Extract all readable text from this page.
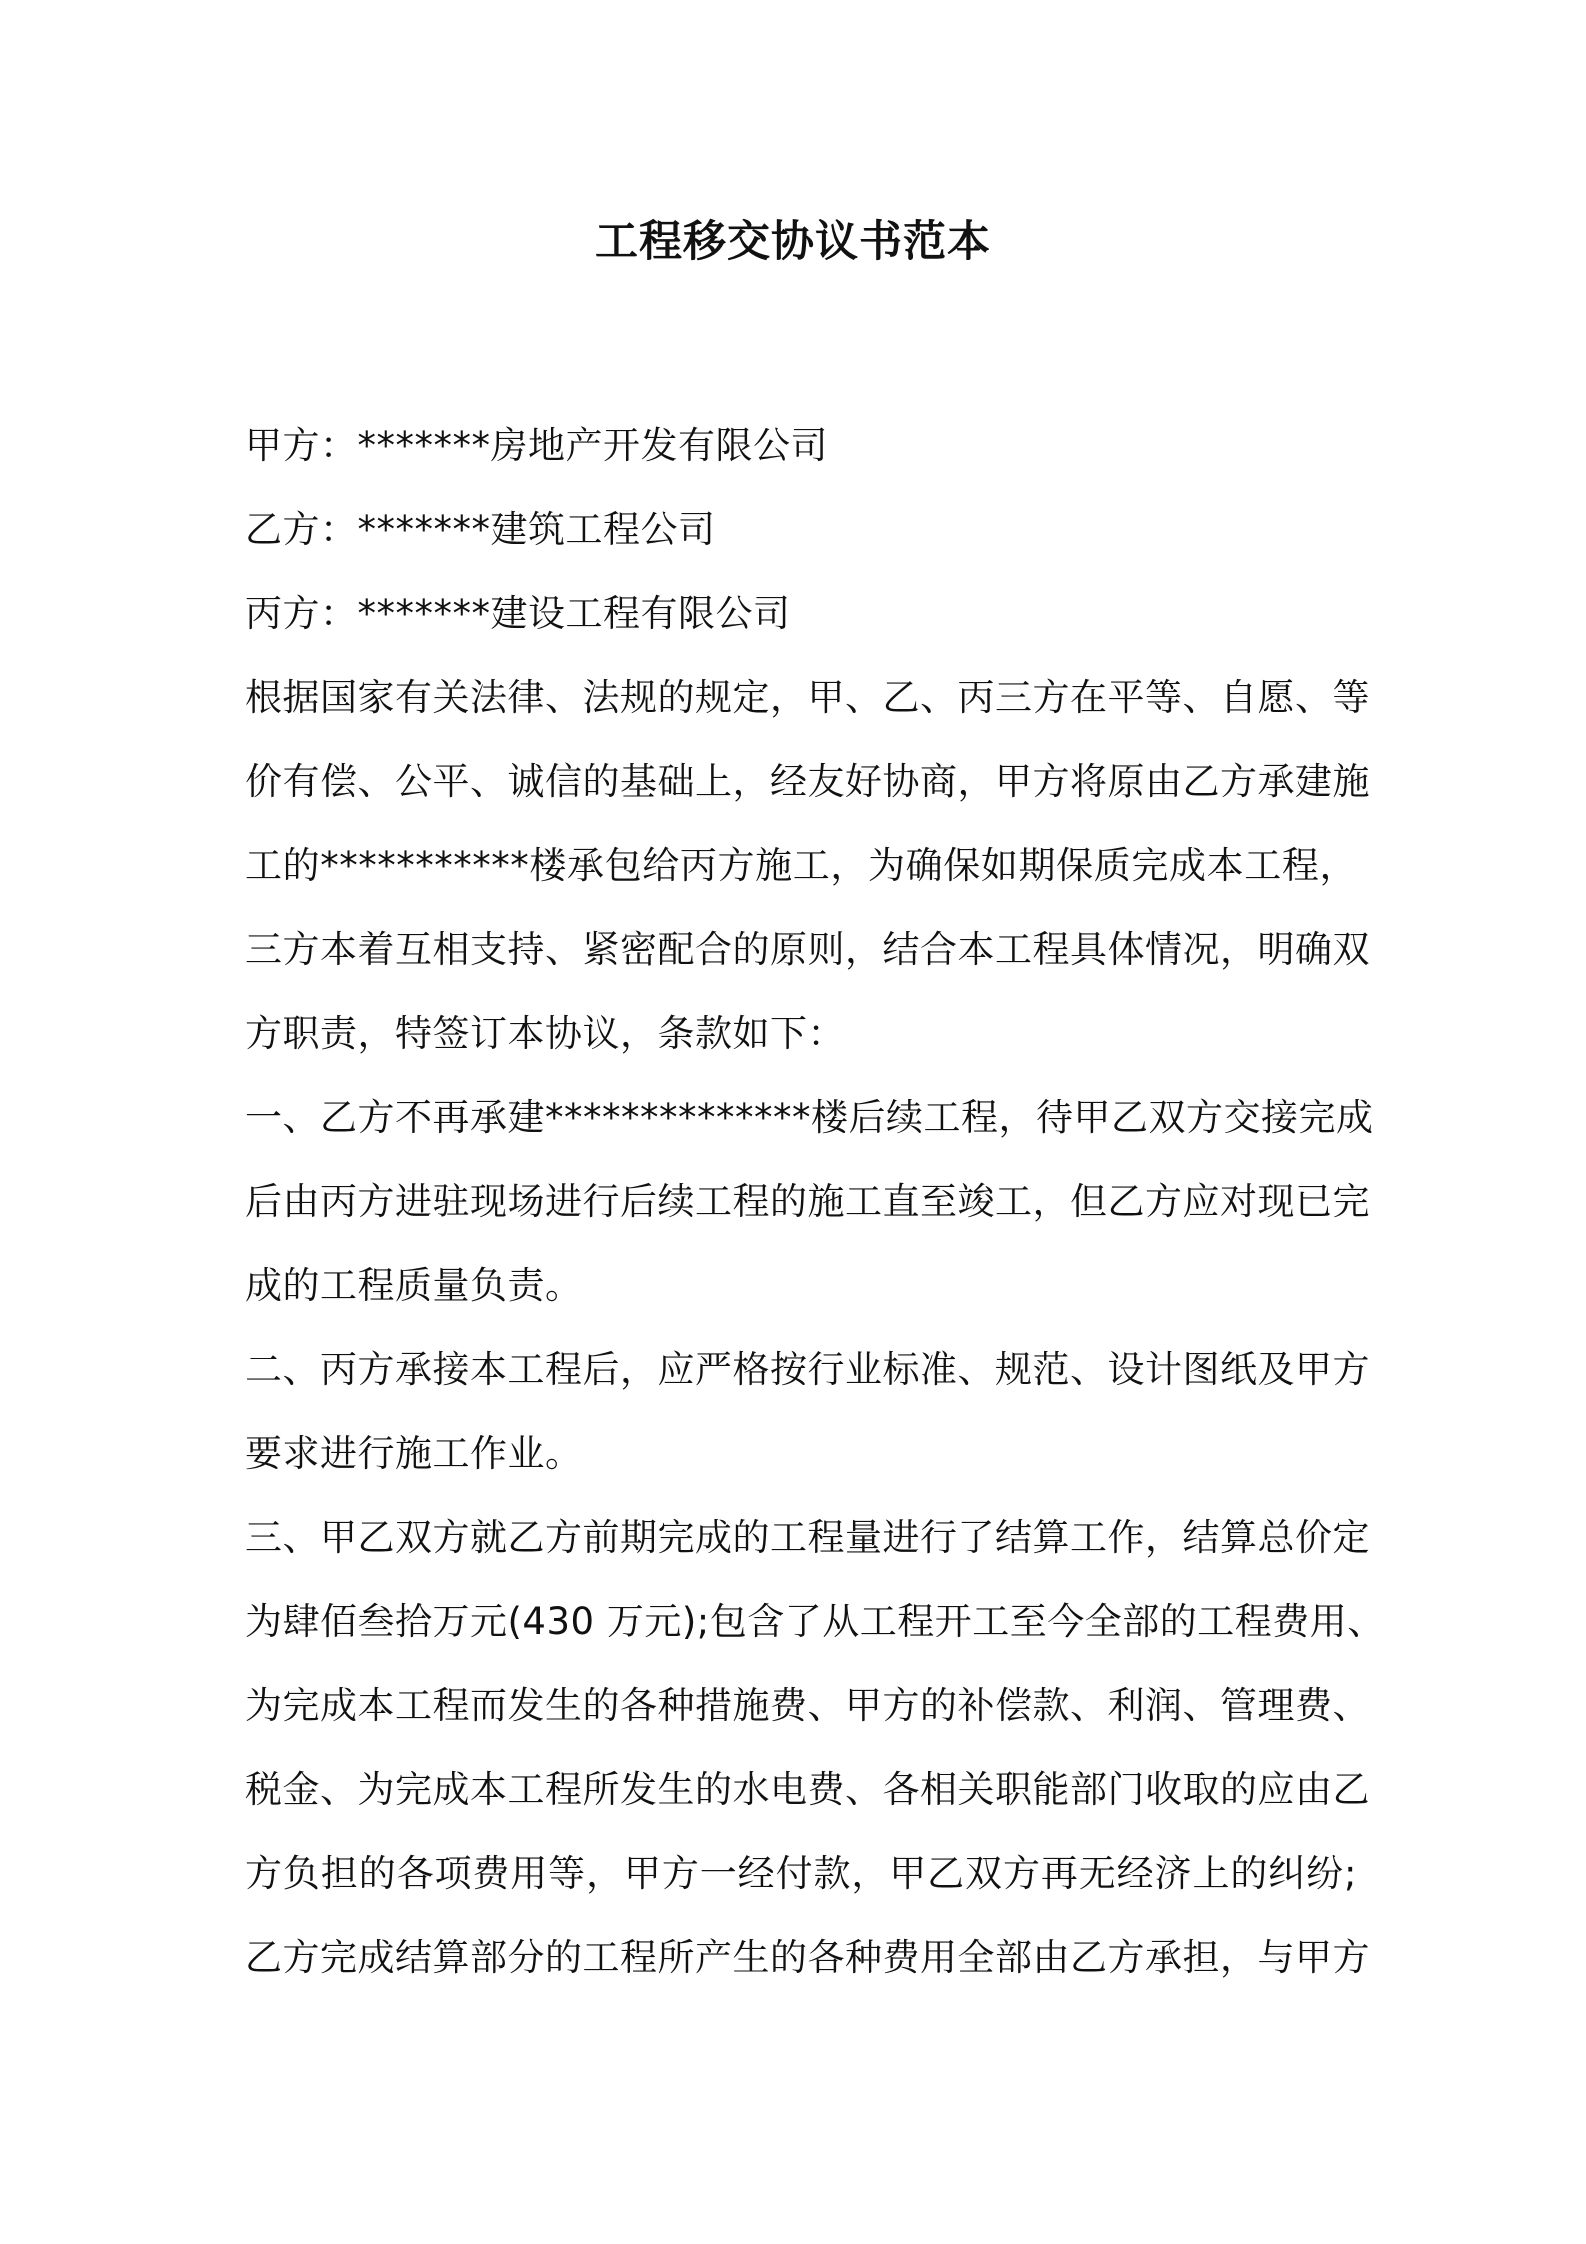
工程移交协议书范本
甲方：*******房地产开发有限公司
乙方：*******建筑工程公司
丙方：*******建设工程有限公司
根据国家有关法律、法规的规定，甲、乙、丙三方在平等、自愿、等
价有偿、公平、诚信的基础上，经友好协商，甲方将原由乙方承建施
工的***********楼承包给丙方施工，为确保如期保质完成本工程，
三方本着互相支持、紧密配合的原则，结合本工程具体情况，明确双
方职责，特签订本协议，条款如下：
一、乙方不再承建**************楼后续工程，待甲乙双方交接完成
后由丙方进驻现场进行后续工程的施工直至竣工，但乙方应对现已完
成的工程质量负责。
二、丙方承接本工程后，应严格按行业标准、规范、设计图纸及甲方
要求进行施工作业。
三、甲乙双方就乙方前期完成的工程量进行了结算工作，结算总价定
为肆佰叁拾万元(430 万元);包含了从工程开工至今全部的工程费用、
为完成本工程而发生的各种措施费、甲方的补偿款、利润、管理费、
税金、为完成本工程所发生的水电费、各相关职能部门收取的应由乙
方负担的各项费用等，甲方一经付款，甲乙双方再无经济上的纠纷;
乙方完成结算部分的工程所产生的各种费用全部由乙方承担，与甲方
